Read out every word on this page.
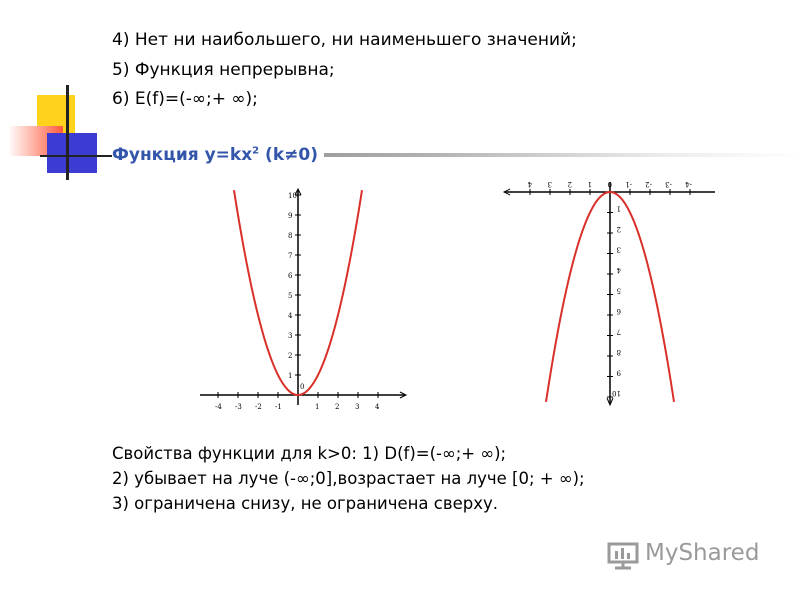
4) Нет ни наибольшего, ни наименьшего значений;
5) Функция непрерывна;
6) E(f)=(-∞;+ ∞);
Функция $y=kx^2$ (k≠0)
-4 -3 -2 -1
0
1 2 3 4
1
2
3
4
5
6
7
8
9
10
-4
-3
-2
-1
0
1
2
3
4
1
2
3
4
5
6
7
8
9
10
Свойства функции для k>0: 1) D(f)=(-∞;+ ∞);
2) убывает на луче (-∞;0],возрастает на луче [0; + ∞);
3) ограничена снизу, не ограничена сверху.
MyShared
